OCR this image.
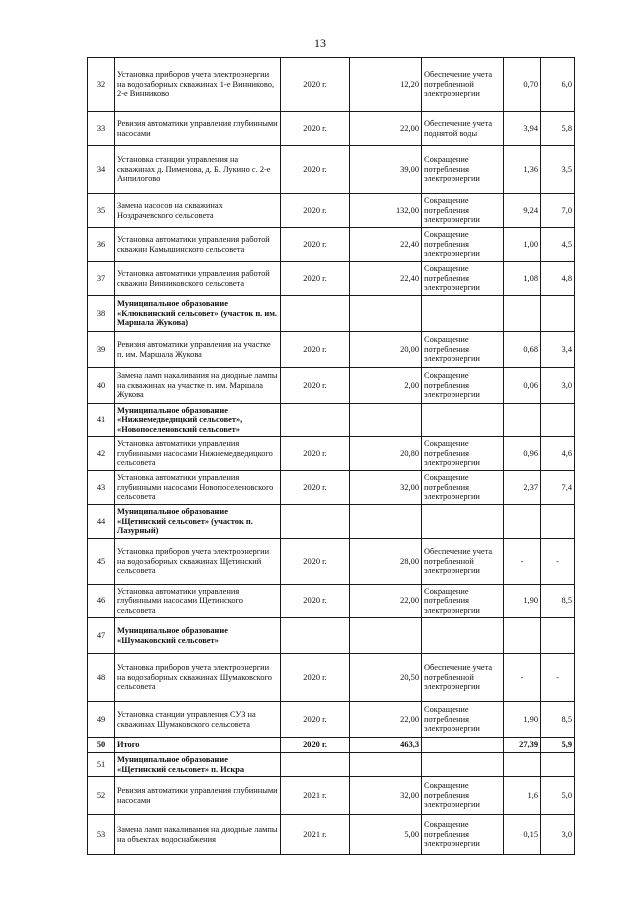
13
32	Установка приборов учета электроэнергии на водозаборных скважинах 1-е Винниково, 2-е Винниково	2020 г.	12,20	Обеспечение учета потребленной электроэнергии	0,70	6,0
33	Ревизия автоматики управления глубинными насосами	2020 г.	22,00	Обеспечение учета поднятой воды	3,94	5,8
34	Установка станции управления на скважинах д. Пименова, д. Б. Лукино с. 2-е Анпилогово	2020 г.	39,00	Сокращение потребления электроэнергии	1,36	3,5
35	Замена насосов на скважинах Ноздрачевского сельсовета	2020 г.	132,00	Сокращение потребления электроэнергии	9,24	7,0
36	Установка автоматики управления работой скважин Камышинского сельсовета	2020 г.	22,40	Сокращение потребления электроэнергии	1,00	4,5
37	Установка автоматики управления работой скважин Винниковского сельсовета	2020 г.	22,40	Сокращение потребления электроэнергии	1,08	4,8
38	Муниципальное образование «Клюквинский сельсовет» (участок п. им. Маршала Жукова)					
39	Ревизия автоматики управления на участке п. им. Маршала Жукова	2020 г.	20,00	Сокращение потребления электроэнергии	0,68	3,4
40	Замена ламп накаливания на диодные лампы на скважинах на участке п. им. Маршала Жукова	2020 г.	2,00	Сокращение потребления электроэнергии	0,06	3,0
41	Муниципальное образование «Нижнемедведицкий сельсовет», «Новопоселеновский сельсовет»					
42	Установка автоматики управления глубинными насосами Нижнемедведицкого сельсовета	2020 г.	20,80	Сокращение потребления электроэнергии	0,96	4,6
43	Установка автоматики управления глубинными насосами Новопоселеновского сельсовета	2020 г.	32,00	Сокращение потребления электроэнергии	2,37	7,4
44	Муниципальное образование «Щетинский сельсовет» (участок п. Лазурный)					
45	Установка приборов учета электроэнергии на водозаборных скважинах Щетинский сельсовета	2020 г.	28,00	Обеспечение учета потребленной электроэнергии	-	-
46	Установка автоматики управления глубинными насосами Щетинского сельсовета	2020 г.	22,00	Сокращение потребления электроэнергии	1,90	8,5
47	Муниципальное образование «Шумаковский сельсовет»					
48	Установка приборов учета электроэнергии на водозаборных скважинах Шумаковского сельсовета	2020 г.	20,50	Обеспечение учета потребленной электроэнергии	-	-
49	Установка станции управления СУЗ на скважинах Шумаковского сельсовета	2020 г.	22,00	Сокращение потребления электроэнергии	1,90	8,5
50	Итого	2020 г.	463,3		27,39	5,9
51	Муниципальное образование «Щетинский сельсовет» п. Искра					
52	Ревизия автоматики управления глубинными насосами	2021 г.	32,00	Сокращение потребления электроэнергии	1,6	5,0
53	Замена ламп накаливания на диодные лампы на объектах водоснабжения	2021 г.	5,00	Сокращение потребления электроэнергии	0,15	3,0
